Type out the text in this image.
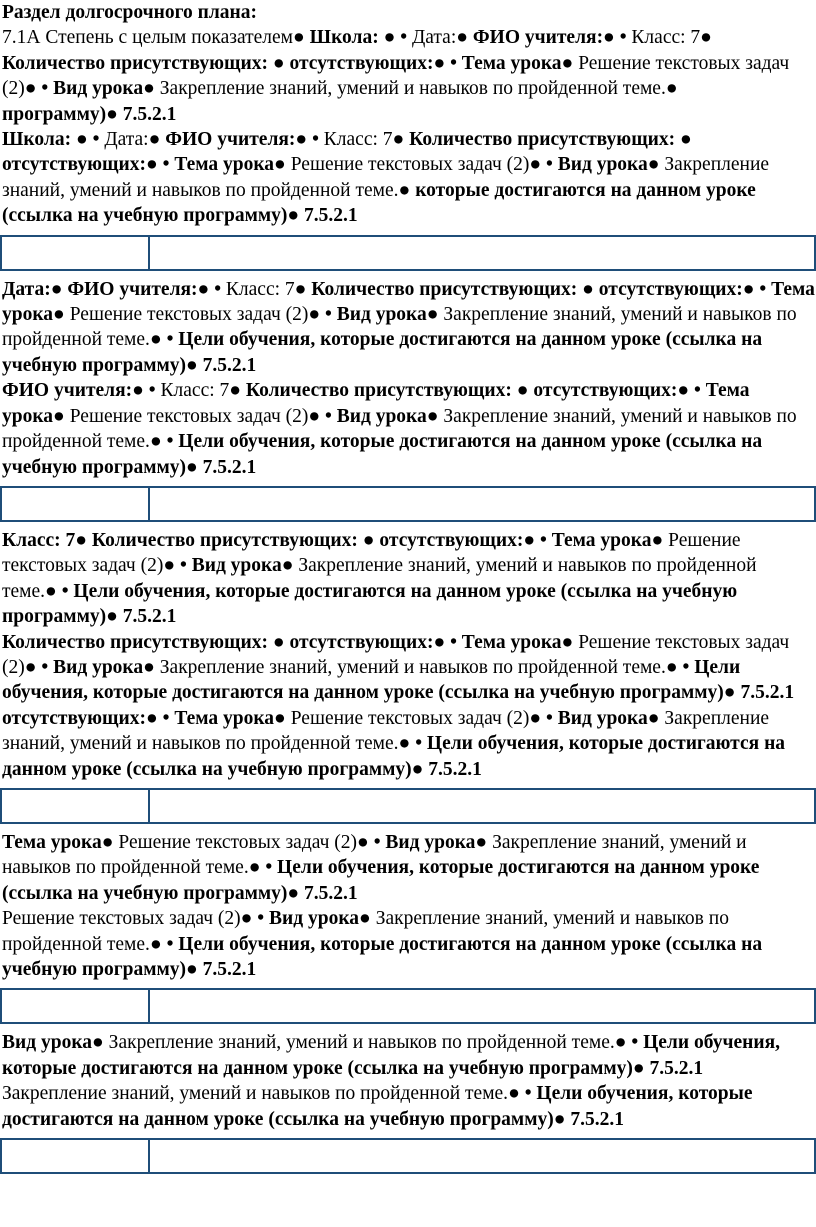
Раздел долгосрочного плана:

7.1А Степень с целым показателем● Школа: ● • Дата:● ФИО учителя:● • Класс: 7● Количество присутствующих: ● отсутствующих:● • Тема урока● Решение текстовых задач (2)● • Вид урока● Закрепление знаний, умений и навыков по пройденной теме.●

программу)● 7.5.2.1

Школа: ● • Дата:● ФИО учителя:● • Класс: 7● Количество присутствующих: ● отсутствующих:● • Тема урока● Решение текстовых задач (2)● • Вид урока● Закрепление знаний, умений и навыков по пройденной теме.● которые достигаются на данном уроке (ссылка на учебную программу)● 7.5.2.1

Дата:● ФИО учителя:● • Класс: 7● Количество присутствующих: ● отсутствующих:● • Тема урока● Решение текстовых задач (2)● • Вид урока● Закрепление знаний, умений и навыков по пройденной теме.● • Цели обучения, которые достигаются на данном уроке (ссылка на учебную программу)● 7.5.2.1

ФИО учителя:● • Класс: 7● Количество присутствующих: ● отсутствующих:● • Тема урока● Решение текстовых задач (2)● • Вид урока● Закрепление знаний, умений и навыков по пройденной теме.● • Цели обучения, которые достигаются на данном уроке (ссылка на учебную программу)● 7.5.2.1

Класс: 7● Количество присутствующих: ● отсутствующих:● • Тема урока● Решение текстовых задач (2)● • Вид урока● Закрепление знаний, умений и навыков по пройденной теме.● • Цели обучения, которые достигаются на данном уроке (ссылка на учебную программу)● 7.5.2.1

Количество присутствующих: ● отсутствующих:● • Тема урока● Решение текстовых задач (2)● • Вид урока● Закрепление знаний, умений и навыков по пройденной теме.● • Цели обучения, которые достигаются на данном уроке (ссылка на учебную программу)● 7.5.2.1

отсутствующих:● • Тема урока● Решение текстовых задач (2)● • Вид урока● Закрепление знаний, умений и навыков по пройденной теме.● • Цели обучения, которые достигаются на данном уроке (ссылка на учебную программу)● 7.5.2.1

Тема урока● Решение текстовых задач (2)● • Вид урока● Закрепление знаний, умений и навыков по пройденной теме.● • Цели обучения, которые достигаются на данном уроке (ссылка на учебную программу)● 7.5.2.1

Решение текстовых задач (2)● • Вид урока● Закрепление знаний, умений и навыков по пройденной теме.● • Цели обучения, которые достигаются на данном уроке (ссылка на учебную программу)● 7.5.2.1

Вид урока● Закрепление знаний, умений и навыков по пройденной теме.● • Цели обучения, которые достигаются на данном уроке (ссылка на учебную программу)● 7.5.2.1

Закрепление знаний, умений и навыков по пройденной теме.● • Цели обучения, которые достигаются на данном уроке (ссылка на учебную программу)● 7.5.2.1
